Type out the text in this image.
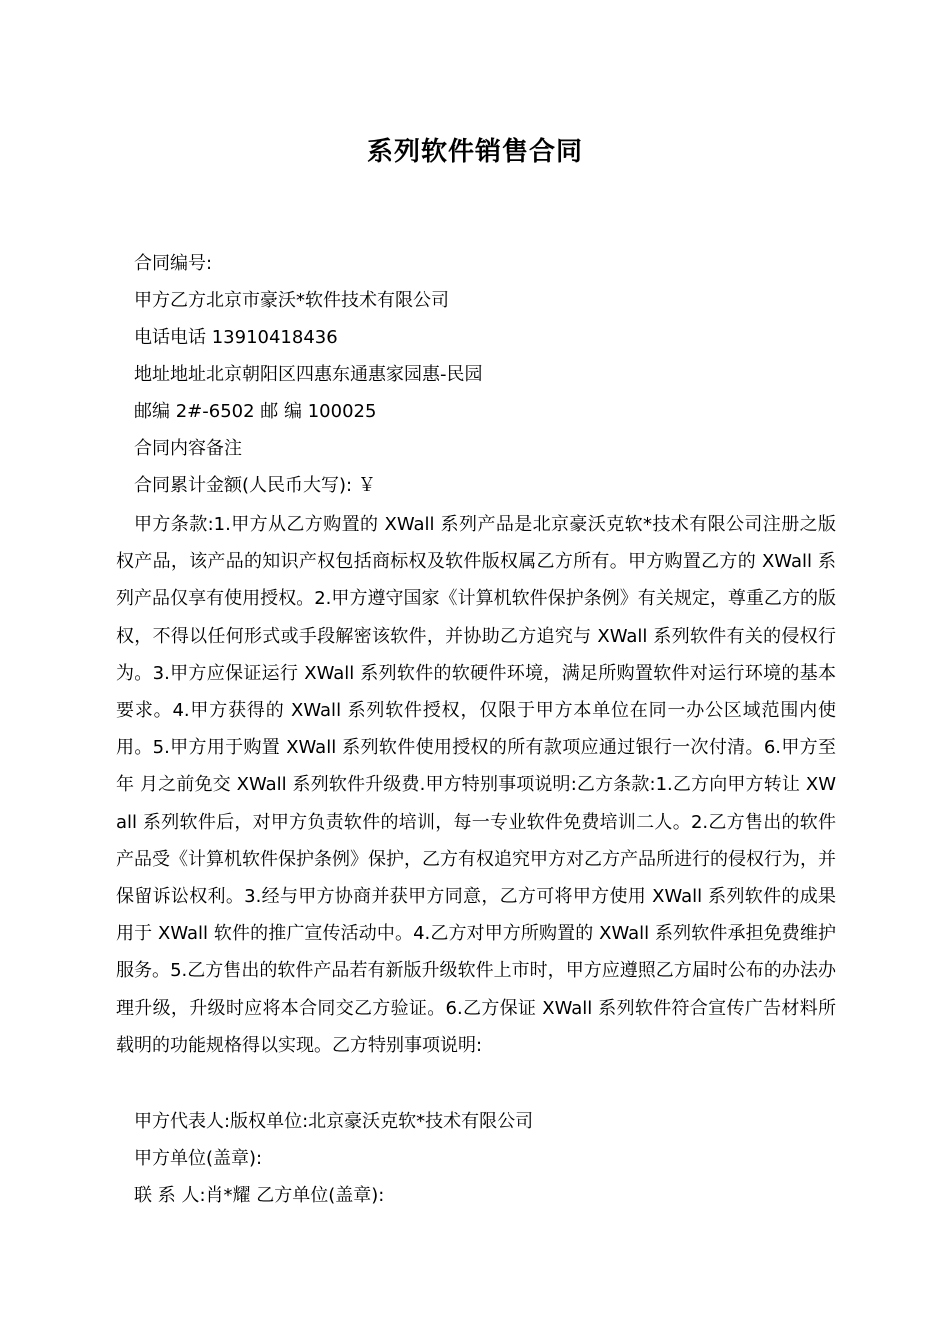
系列软件销售合同
合同编号:
甲方乙方北京市豪沃*软件技术有限公司
电话电话 13910418436
地址地址北京朝阳区四惠东通惠家园惠-民园
邮编 2#-6502 邮 编 100025
合同内容备注
合同累计金额(人民币大写): ￥

甲方条款:1.甲方从乙方购置的 XWall 系列产品是北京豪沃克软*技术有限公司注册之版权产品，该产品的知识产权包括商标权及软件版权属乙方所有。甲方购置乙方的 XWall 系列产品仅享有使用授权。2.甲方遵守国家《计算机软件保护条例》有关规定，尊重乙方的版权，不得以任何形式或手段解密该软件，并协助乙方追究与 XWall 系列软件有关的侵权行为。3.甲方应保证运行 XWall 系列软件的软硬件环境，满足所购置软件对运行环境的基本要求。4.甲方获得的 XWall 系列软件授权，仅限于甲方本单位在同一办公区域范围内使用。5.甲方用于购置 XWall 系列软件使用授权的所有款项应通过银行一次付清。6.甲方至 年 月之前免交 XWall 系列软件升级费.甲方特别事项说明:乙方条款:1.乙方向甲方转让 XWall 系列软件后，对甲方负责软件的培训，每一专业软件免费培训二人。2.乙方售出的软件产品受《计算机软件保护条例》保护，乙方有权追究甲方对乙方产品所进行的侵权行为，并保留诉讼权利。3.经与甲方协商并获甲方同意，乙方可将甲方使用 XWall 系列软件的成果用于 XWall 软件的推广宣传活动中。4.乙方对甲方所购置的 XWall 系列软件承担免费维护服务。5.乙方售出的软件产品若有新版升级软件上市时，甲方应遵照乙方届时公布的办法办理升级，升级时应将本合同交乙方验证。6.乙方保证 XWall 系列软件符合宣传广告材料所载明的功能规格得以实现。乙方特别事项说明:

甲方代表人:版权单位:北京豪沃克软*技术有限公司
甲方单位(盖章):
联 系 人:肖*耀 乙方单位(盖章):
